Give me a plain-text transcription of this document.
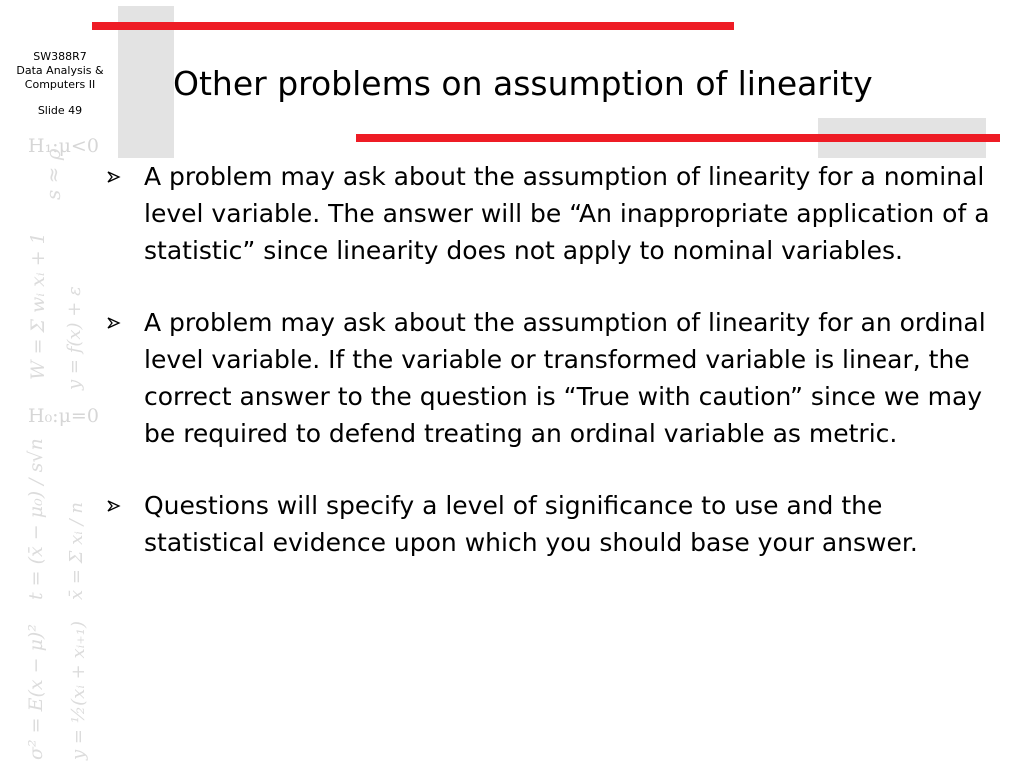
SW388R7
Data Analysis &
Computers II
Slide 49
H₁:μ<0
H₀:μ=0
s ≈ ρ
W = Σ wᵢ xᵢ + 1 y = f(x) + ε
t = (x̄ − μ₀) / s√n x̄ = Σ xᵢ / n
σ² = E(x − μ)² y = ½(xᵢ + xᵢ₊₁)
Other problems on assumption of linearity
A problem may ask about the assumption of linearity for a nominal level variable. The answer will be “An inappropriate application of a statistic” since linearity does not apply to nominal variables.
A problem may ask about the assumption of linearity for an ordinal level variable. If the variable or transformed variable is linear, the correct answer to the question is “True with caution” since we may be required to defend treating an ordinal variable as metric.
Questions will specify a level of significance to use and the statistical evidence upon which you should base your answer.
